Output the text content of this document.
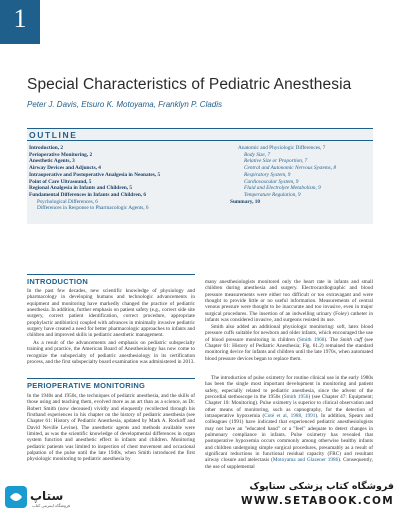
1
Special Characteristics of Pediatric Anesthesia
Peter J. Davis, Etsuro K. Motoyama, Franklyn P. Cladis
OUTLINE
Introduction, 2
Perioperative Monitoring, 2
Anesthetic Agents, 3
Airway Devices and Adjuncts, 4
Intraoperative and Postoperative Analgesia in Neonates, 5
Point of Care Ultrasound, 5
Regional Analgesia in Infants and Children, 5
Fundamental Differences in Infants and Children, 6
Psychological Differences, 6
Differences in Response to Pharmacologic Agents, 6
Anatomic and Physiologic Differences, 7
Body Size, 7
Relative Size or Proportion, 7
Central and Autonomic Nervous Systems, 8
Respiratory System, 9
Cardiovascular System, 9
Fluid and Electrolyte Metabolism, 9
Temperature Regulation, 9
Summary, 10
INTRODUCTION
In the past few decades, new scientific knowledge of physiology and pharmacology in developing humans and technologic advancements in equipment and monitoring have markedly changed the practice of pediatric anesthesia. In addition, further emphasis on patient safety (e.g., correct side site surgery, correct patient identification, correct procedure, appropriate prophylactic antibiotics) coupled with advances in minimally invasive pediatric surgery have created a need for better pharmacologic approaches to infants and children and improved skills in pediatric anesthetic management.
As a result of the advancements and emphasis on pediatric subspecialty training and practice, the American Board of Anesthesiology has now come to recognize the subspecialty of pediatric anesthesiology in its certification process, and the first subspecialty board examination was administered in 2013.
PERIOPERATIVE MONITORING
In the 1940s and 1950s, the techniques of pediatric anesthesia, and the skills of those using and teaching them, evolved more as an art than as a science, as Dr. Robert Smith (now deceased) vividly and eloquently recollected through his firsthand experiences in his chapter on the history of pediatric anesthesia (see Chapter 61: History of Pediatric Anesthesia, updated by Mark A. Rockoff and David Neville Levine). The anesthetic agents and methods available were limited, as was the scientific knowledge of developmental differences in organ system function and anesthetic effect in infants and children. Monitoring pediatric patients was limited to inspection of chest movement and occasional palpation of the pulse until the late 1940s, when Smith introduced the first physiologic monitoring to pediatric anesthesia by
many anesthesiologists monitored only the heart rate in infants and small children during anesthesia and surgery. Electrocardiographic and blood pressure measurements were either too difficult or too extravagant and were thought to provide little or no useful information. Measurements of central venous pressure were thought to be inaccurate and too invasive, even in major surgical procedures. The insertion of an indwelling urinary (Foley) catheter in infants was considered invasive, and surgeons resisted its use.
Smith also added an additional physiologic monitoring: soft, latex blood pressure cuffs suitable for newborn and older infants, which encouraged the use of blood pressure monitoring in children (Smith 1968). The Smith cuff (see Chapter 61: History of Pediatric Anesthesia; Fig. 61.2) remained the standard monitoring device for infants and children until the late 1970s, when automated blood pressure devices began to replace them.
The introduction of pulse oximetry for routine clinical use in the early 1980s has been the single most important development in monitoring and patient safety, especially related to pediatric anesthesia, since the advent of the precordial stethoscope in the 1950s (Smith 1956) (see Chapter 47: Equipment; Chapter 10: Monitoring). Pulse oximetry is superior to clinical observation and other means of monitoring, such as capnography, for the detection of intraoperative hypoxemia (Coté et al, 1988, 1991). In addition, Spears and colleagues (1991) have indicated that experienced pediatric anesthesiologists may not have an "educated hand" or a "feel" adequate to detect changes in pulmonary compliance in infants. Pulse oximetry has revealed that postoperative hypoxemia occurs commonly among otherwise healthy infants and children undergoing simple surgical procedures, presumably as a result of significant reductions in functional residual capacity (FRC) and resultant airway closure and atelectasis (Motoyama and Glazener 1986). Consequently, the use of supplemental
ستاپ
فروشگاه اینترنتی کتاب
فروشگاه کتاب پزشکی ستاپوک
WWW.SETABOOK.COM
